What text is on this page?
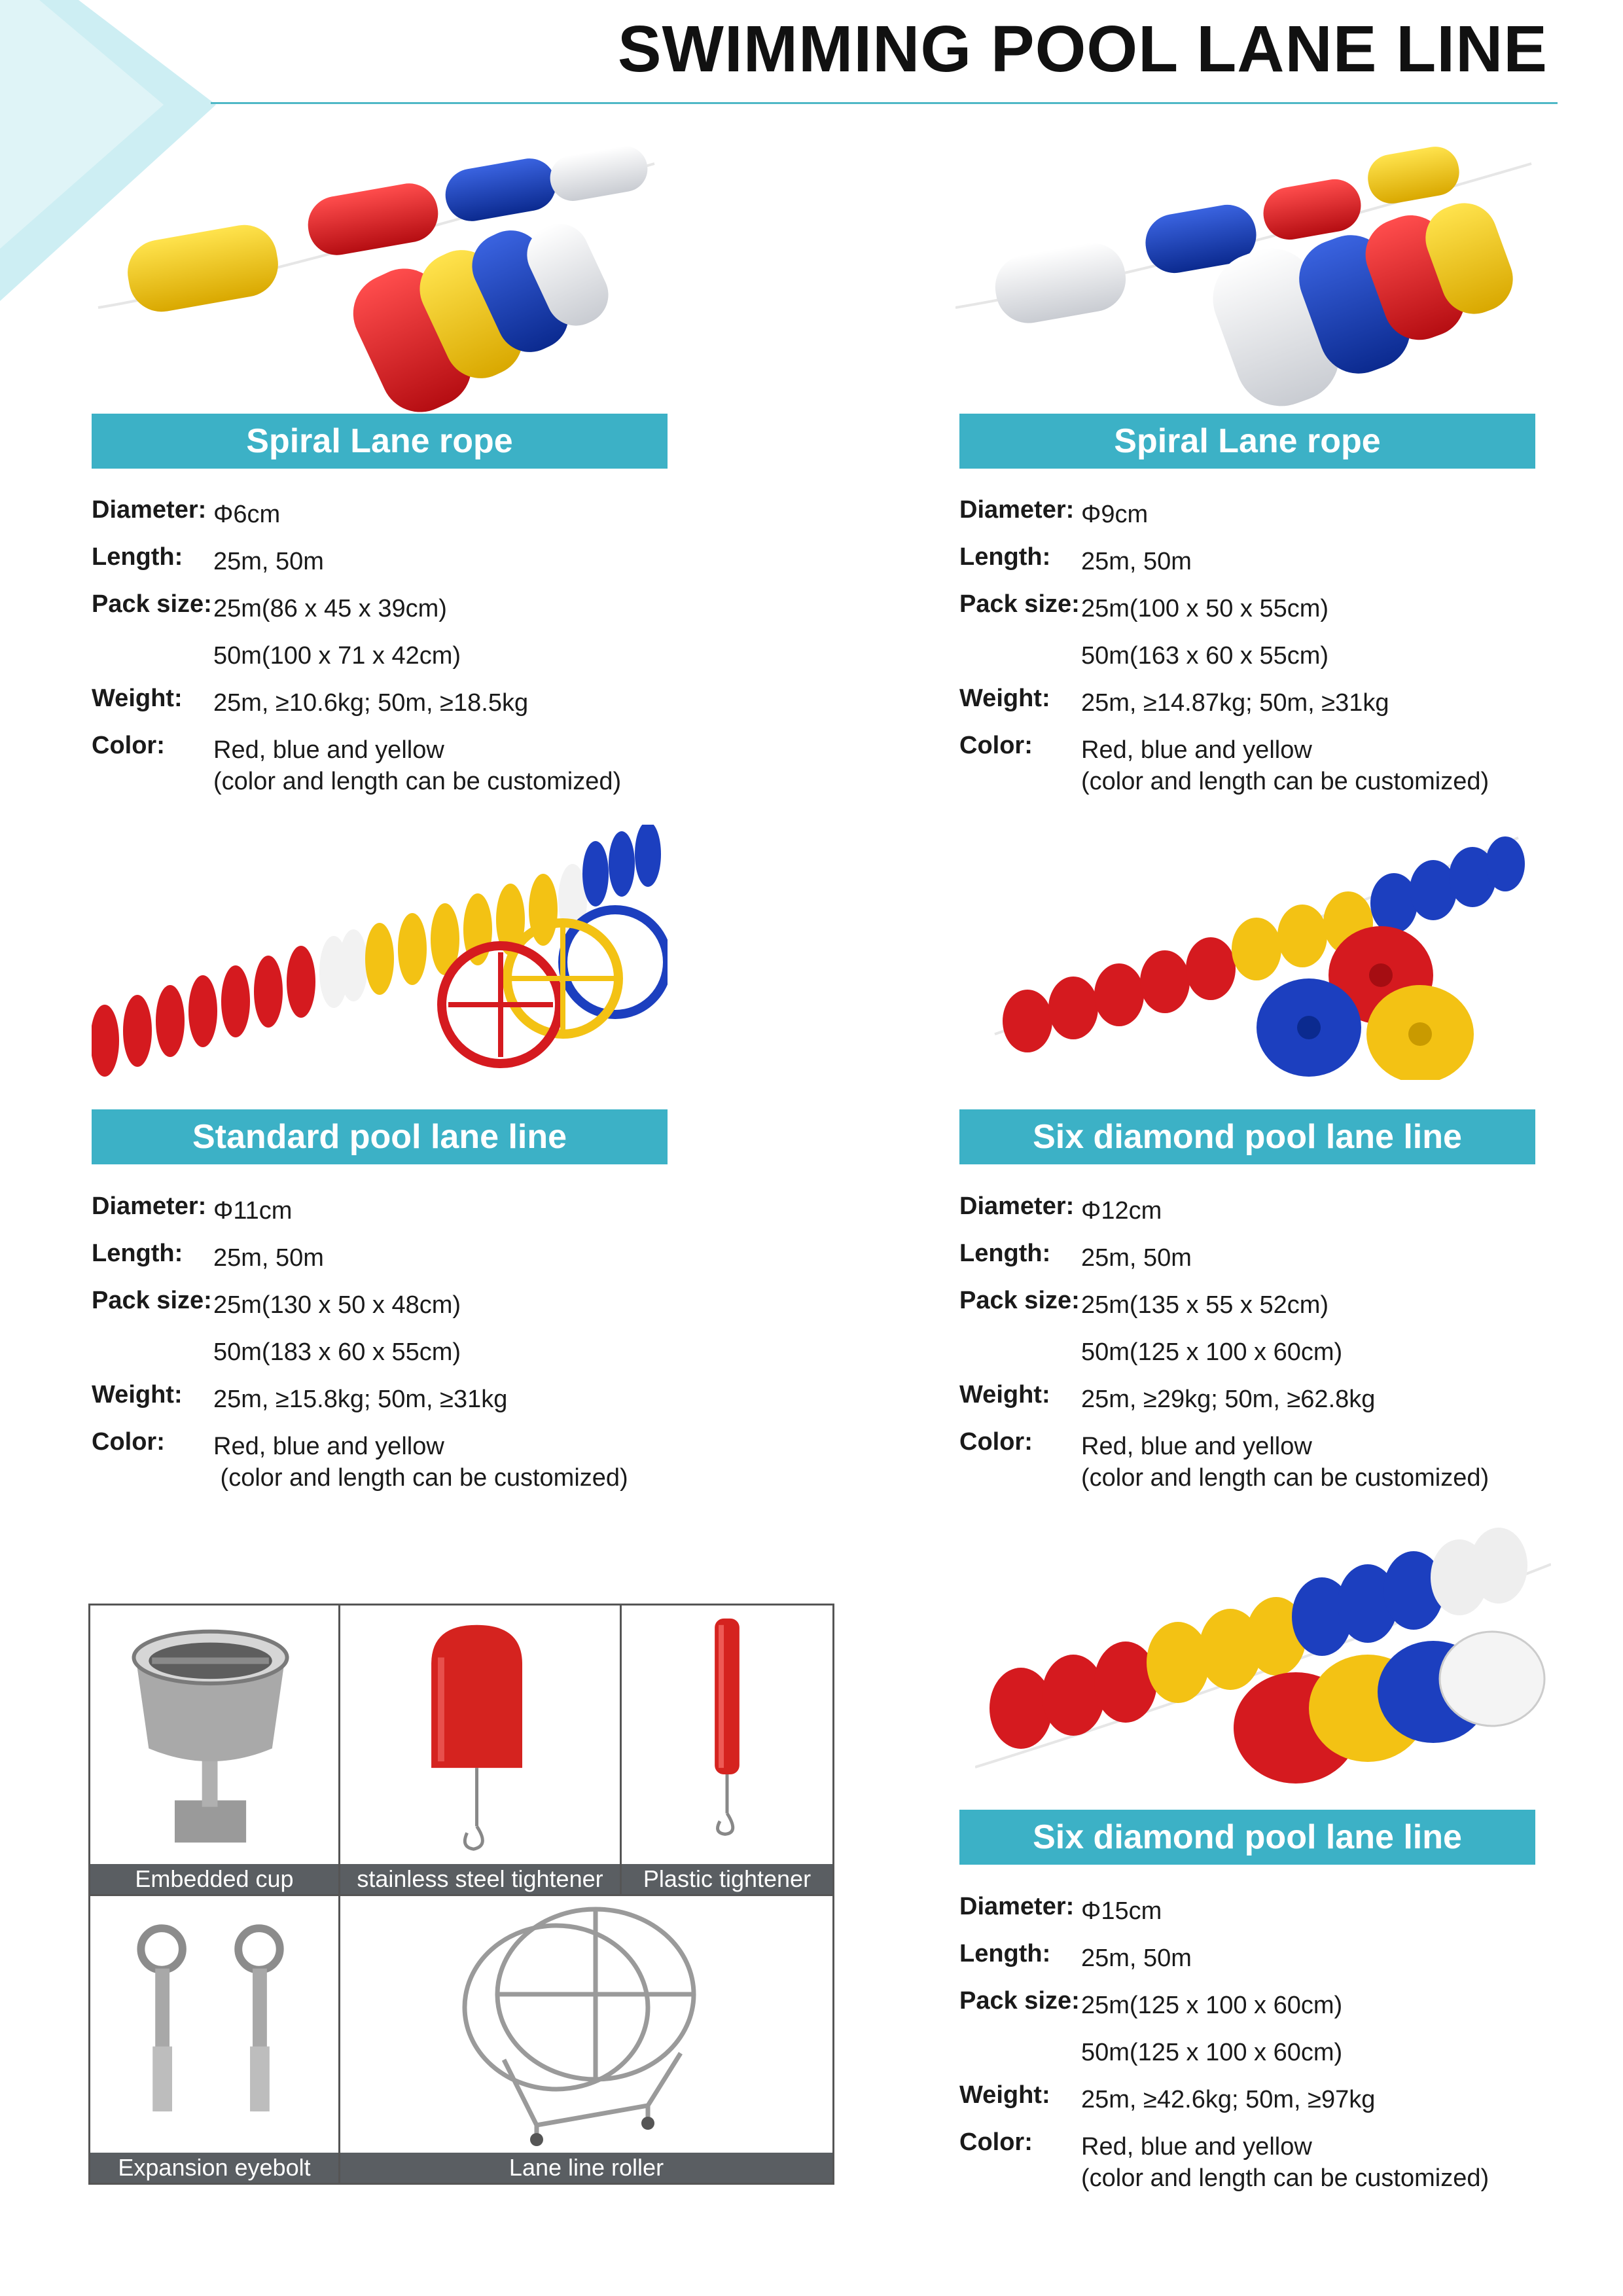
SWIMMING POOL LANE LINE
Spiral Lane rope	Spiral Lane rope
Standard pool lane line	Six diamond pool lane line
Six diamond pool lane line
Diameter: Φ6cm
Length: 25m, 50m
Pack size: 25m(86 x 45 x 39cm)
50m(100 x 71 x 42cm)
Weight: 25m, ≥10.6kg; 50m, ≥18.5kg
Color: Red, blue and yellow
(color and length can be customized)
Diameter: Φ9cm
Length: 25m, 50m
Pack size: 25m(100 x 50 x 55cm)
50m(163 x 60 x 55cm)
Weight: 25m, ≥14.87kg; 50m, ≥31kg
Color: Red, blue and yellow
(color and length can be customized)
Diameter: Φ11cm
Length: 25m, 50m
Pack size: 25m(130 x 50 x 48cm)
50m(183 x 60 x 55cm)
Weight: 25m, ≥15.8kg; 50m, ≥31kg
Color: Red, blue and yellow
(color and length can be customized)
Diameter: Φ12cm
Length: 25m, 50m
Pack size: 25m(135 x 55 x 52cm)
50m(125 x 100 x 60cm)
Weight: 25m, ≥29kg; 50m, ≥62.8kg
Color: Red, blue and yellow
(color and length can be customized)
Diameter: Φ15cm
Length: 25m, 50m
Pack size: 25m(125 x 100 x 60cm)
50m(125 x 100 x 60cm)
Weight: 25m, ≥42.6kg; 50m, ≥97kg
Color: Red, blue and yellow
(color and length can be customized)
Embedded cup	stainless steel tightener	Plastic tightener
Expansion eyebolt	Lane line roller
